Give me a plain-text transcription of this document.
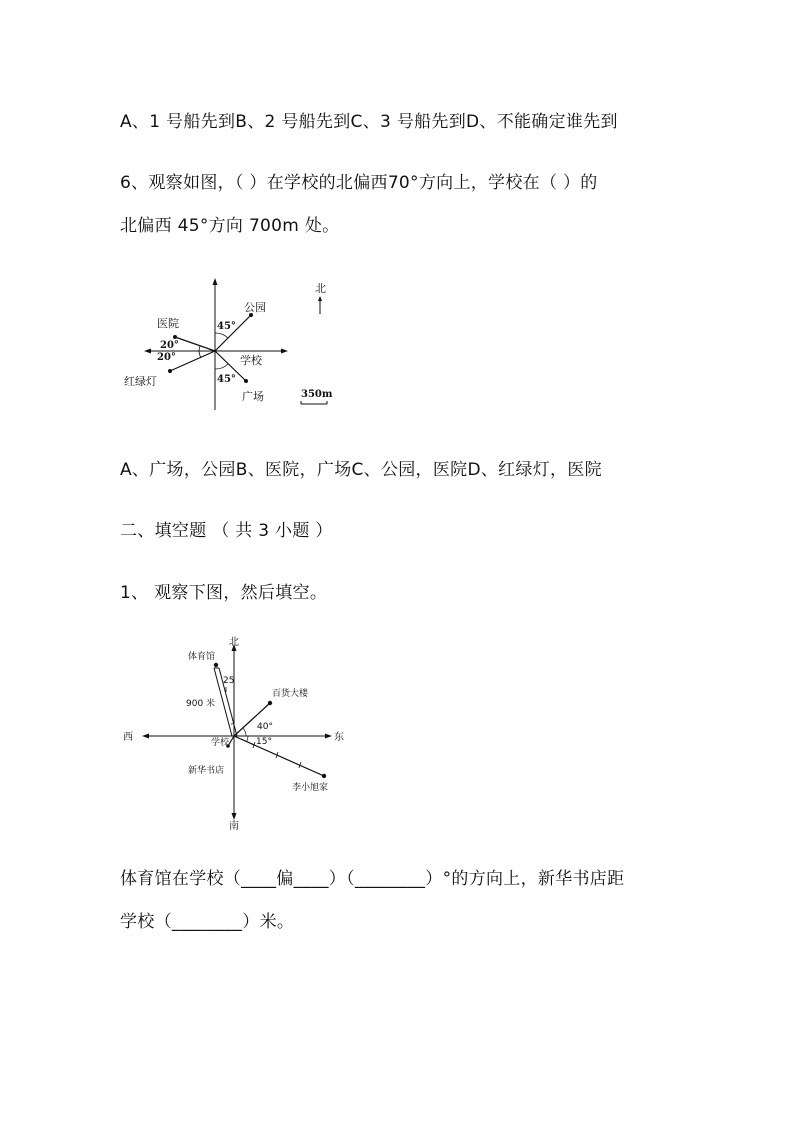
A、1 号船先到B、2 号船先到C、3 号船先到D、不能确定谁先到
6、观察如图，（ ）在学校的北偏西70°方向上，学校在（ ）的
北偏西 45°方向 700m 处。
公园
医院
学校
红绿灯
广场
45°
45°
20°
20°
北
350m
A、广场，公园B、医院，广场C、公园，医院D、红绿灯，医院
二、填空题 （ 共 3 小题 ）
1、 观察下图，然后填空。
北
南
西	东
体育馆
百货大楼
学校
新华书店
李小旭家
25
40°
15°
900 米
体育馆在学校（____偏____）（________）°的方向上，新华书店距
学校（________）米。
